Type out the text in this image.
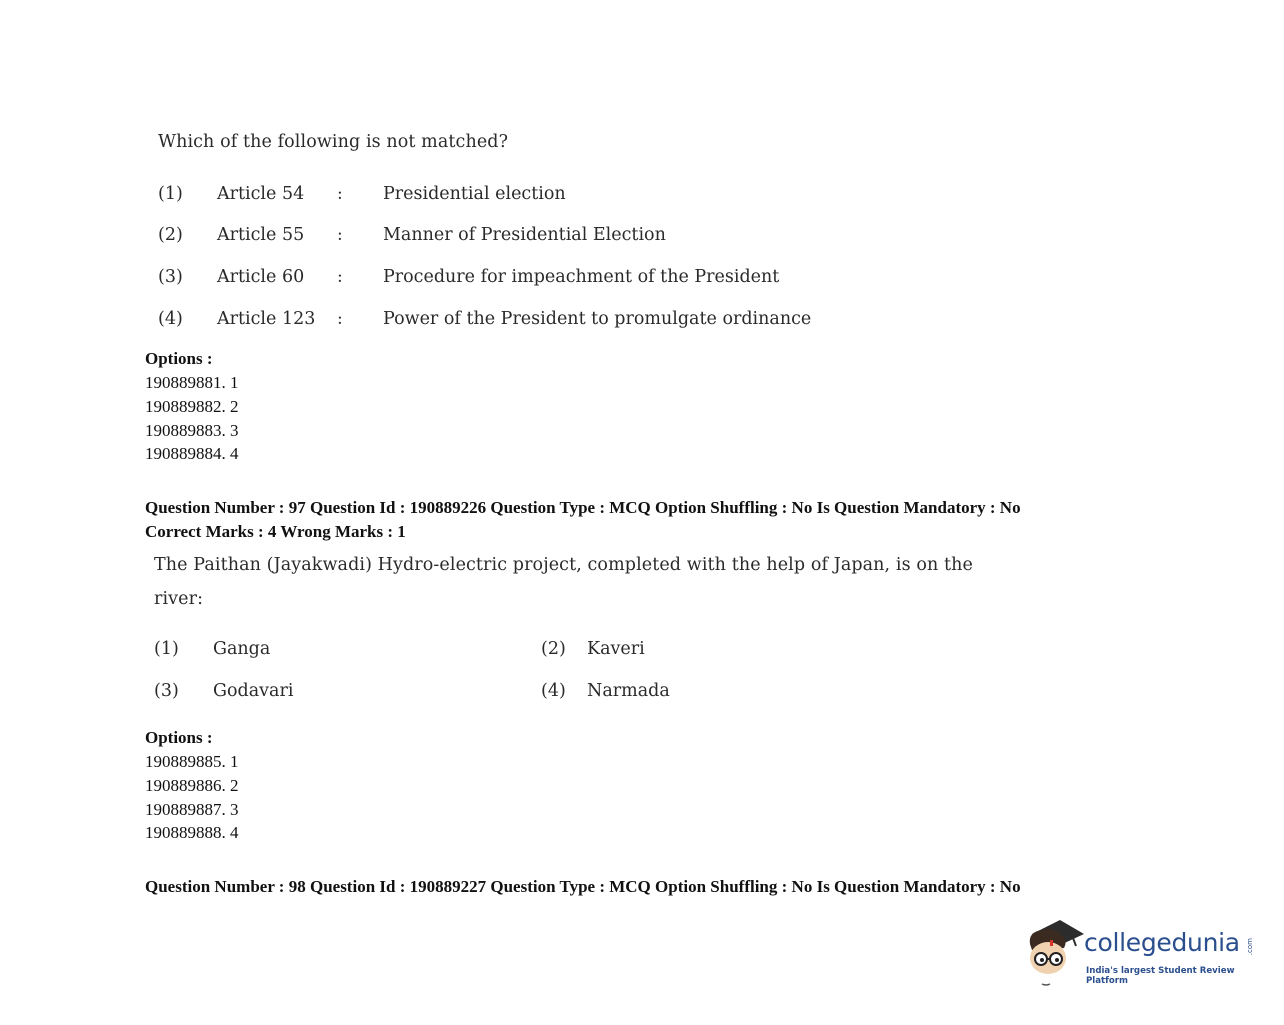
Which of the following is not matched?
(1) Article 54 : Presidential election
(2) Article 55 : Manner of Presidential Election
(3) Article 60 : Procedure for impeachment of the President
(4) Article 123 : Power of the President to promulgate ordinance
Options :
190889881. 1
190889882. 2
190889883. 3
190889884. 4
Question Number : 97 Question Id : 190889226 Question Type : MCQ Option Shuffling : No Is Question Mandatory : No
Correct Marks : 4 Wrong Marks : 1
The Paithan (Jayakwadi) Hydro-electric project, completed with the help of Japan, is on the
river:
(1) Ganga	(2) Kaveri
(3) Godavari	(4) Narmada
Options :
190889885. 1
190889886. 2
190889887. 3
190889888. 4
Question Number : 98 Question Id : 190889227 Question Type : MCQ Option Shuffling : No Is Question Mandatory : No
collegedunia .com
India's largest Student Review Platform
